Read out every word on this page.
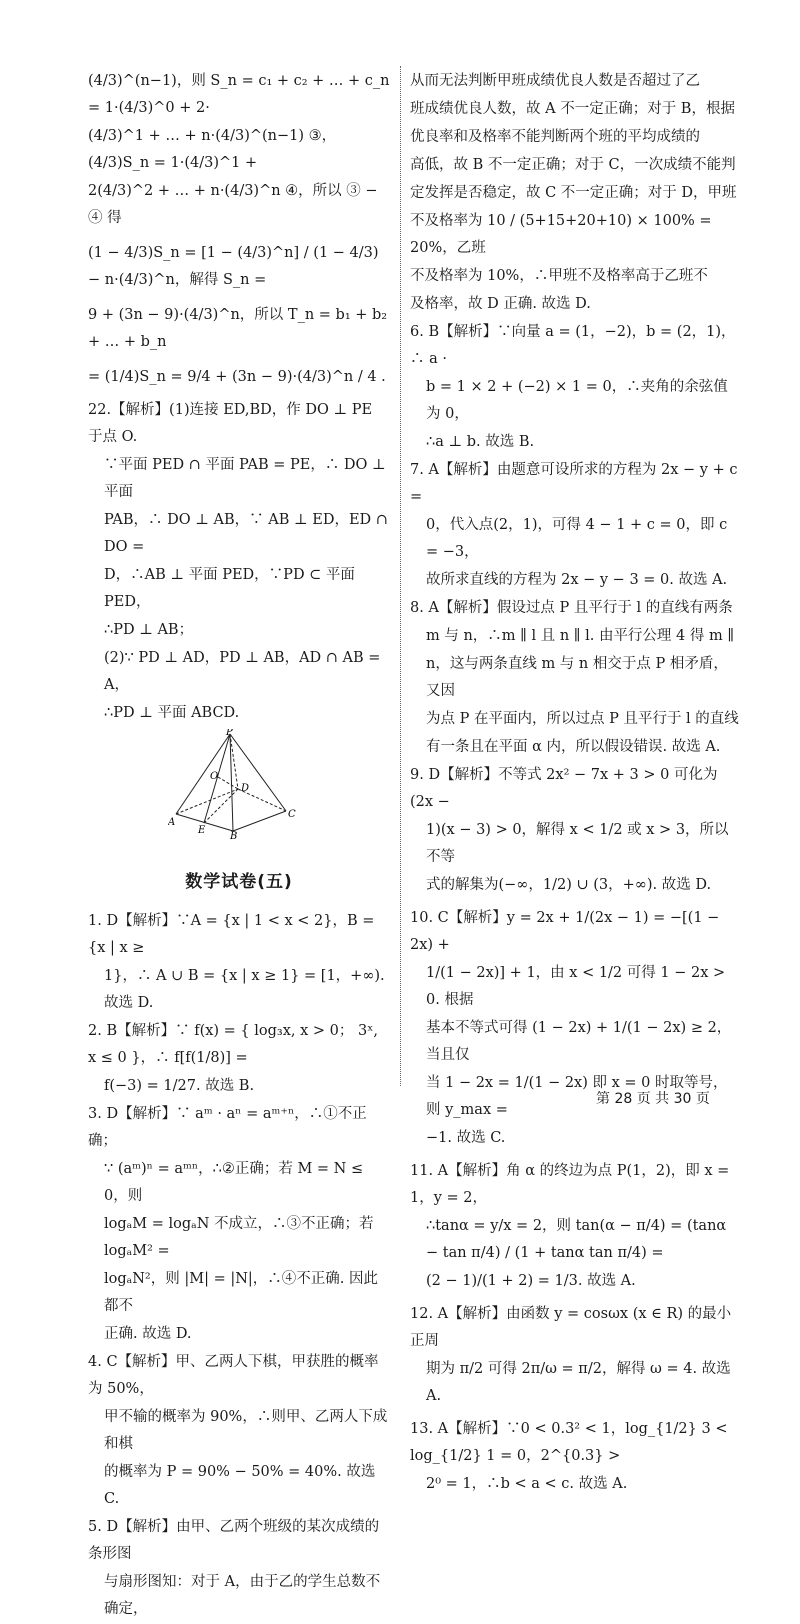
(4/3)^(n−1)，则 S_n = c₁ + c₂ + … + c_n = 1·(4/3)^0 + 2·

(4/3)^1 + … + n·(4/3)^(n−1) ③，(4/3)S_n = 1·(4/3)^1 +

2(4/3)^2 + … + n·(4/3)^n ④，所以 ③ − ④ 得

(1 − 4/3)S_n = [1 − (4/3)^n] / (1 − 4/3) − n·(4/3)^n，解得 S_n =

9 + (3n − 9)·(4/3)^n，所以 T_n = b₁ + b₂ + … + b_n

= (1/4)S_n = 9/4 + (3n − 9)·(4/3)^n / 4 .

22.【解析】(1)连接 ED,BD，作 DO ⊥ PE 于点 O.

∵平面 PED ∩ 平面 PAB = PE，∴ DO ⊥平面

PAB，∴ DO ⊥ AB，∵ AB ⊥ ED，ED ∩ DO =

D，∴AB ⊥ 平面 PED，∵PD ⊂ 平面 PED，

∴PD ⊥ AB；

(2)∵ PD ⊥ AD，PD ⊥ AB，AD ∩ AB = A，

∴PD ⊥ 平面 ABCD.

P
O
E
A
B
C
D
数学试卷(五)

1. D【解析】∵A = {x | 1 < x < 2}，B = {x | x ≥

1}，∴ A ∪ B = {x | x ≥ 1} = [1，+∞). 故选 D.

2. B【解析】∵ f(x) = { log₃x, x > 0； 3ˣ, x ≤ 0 }，∴ f[f(1/8)] =

f(−3) = 1/27. 故选 B.

3. D【解析】∵ aᵐ · aⁿ = aᵐ⁺ⁿ，∴①不正确；

∵ (aᵐ)ⁿ = aᵐⁿ，∴②正确；若 M = N ≤ 0，则

logₐM = logₐN 不成立，∴③不正确；若 logₐM² =

logₐN²，则 |M| = |N|，∴④不正确. 因此都不

正确. 故选 D.

4. C【解析】甲、乙两人下棋，甲获胜的概率为 50%，

甲不输的概率为 90%，∴则甲、乙两人下成和棋

的概率为 P = 90% − 50% = 40%. 故选 C.

5. D【解析】由甲、乙两个班级的某次成绩的条形图

与扇形图知：对于 A，由于乙的学生总数不确定，

从而无法判断甲班成绩优良人数是否超过了乙

班成绩优良人数，故 A 不一定正确；对于 B，根据

优良率和及格率不能判断两个班的平均成绩的

高低，故 B 不一定正确；对于 C，一次成绩不能判

定发挥是否稳定，故 C 不一定正确；对于 D，甲班

不及格率为 10 / (5+15+20+10) × 100% = 20%，乙班

不及格率为 10%，∴甲班不及格率高于乙班不

及格率，故 D 正确. 故选 D.

6. B【解析】∵向量 a = (1，−2)，b = (2，1)，∴ a ·

b = 1 × 2 + (−2) × 1 = 0，∴夹角的余弦值为 0，

∴a ⊥ b. 故选 B.

7. A【解析】由题意可设所求的方程为 2x − y + c =

0，代入点(2，1)，可得 4 − 1 + c = 0，即 c = −3，

故所求直线的方程为 2x − y − 3 = 0. 故选 A.

8. A【解析】假设过点 P 且平行于 l 的直线有两条

m 与 n，∴m ∥ l 且 n ∥ l. 由平行公理 4 得 m ∥

n，这与两条直线 m 与 n 相交于点 P 相矛盾，又因

为点 P 在平面内，所以过点 P 且平行于 l 的直线

有一条且在平面 α 内，所以假设错误. 故选 A.

9. D【解析】不等式 2x² − 7x + 3 > 0 可化为(2x −

1)(x − 3) > 0，解得 x < 1/2 或 x > 3，所以不等

式的解集为(−∞，1/2) ∪ (3，+∞). 故选 D.

10. C【解析】y = 2x + 1/(2x − 1) = −[(1 − 2x) +

1/(1 − 2x)] + 1，由 x < 1/2 可得 1 − 2x > 0. 根据

基本不等式可得 (1 − 2x) + 1/(1 − 2x) ≥ 2，当且仅

当 1 − 2x = 1/(1 − 2x) 即 x = 0 时取等号，则 y_max =

−1. 故选 C.

11. A【解析】角 α 的终边为点 P(1，2)，即 x = 1，y = 2，

∴tanα = y/x = 2，则 tan(α − π/4) = (tanα − tan π/4) / (1 + tanα tan π/4) =

(2 − 1)/(1 + 2) = 1/3. 故选 A.

12. A【解析】由函数 y = cosωx (x ∈ R) 的最小正周

期为 π/2 可得 2π/ω = π/2，解得 ω = 4. 故选 A.

13. A【解析】∵0 < 0.3² < 1，log_{1/2} 3 < log_{1/2} 1 = 0，2^{0.3} >

2⁰ = 1，∴b < a < c. 故选 A.

第 28 页 共 30 页
